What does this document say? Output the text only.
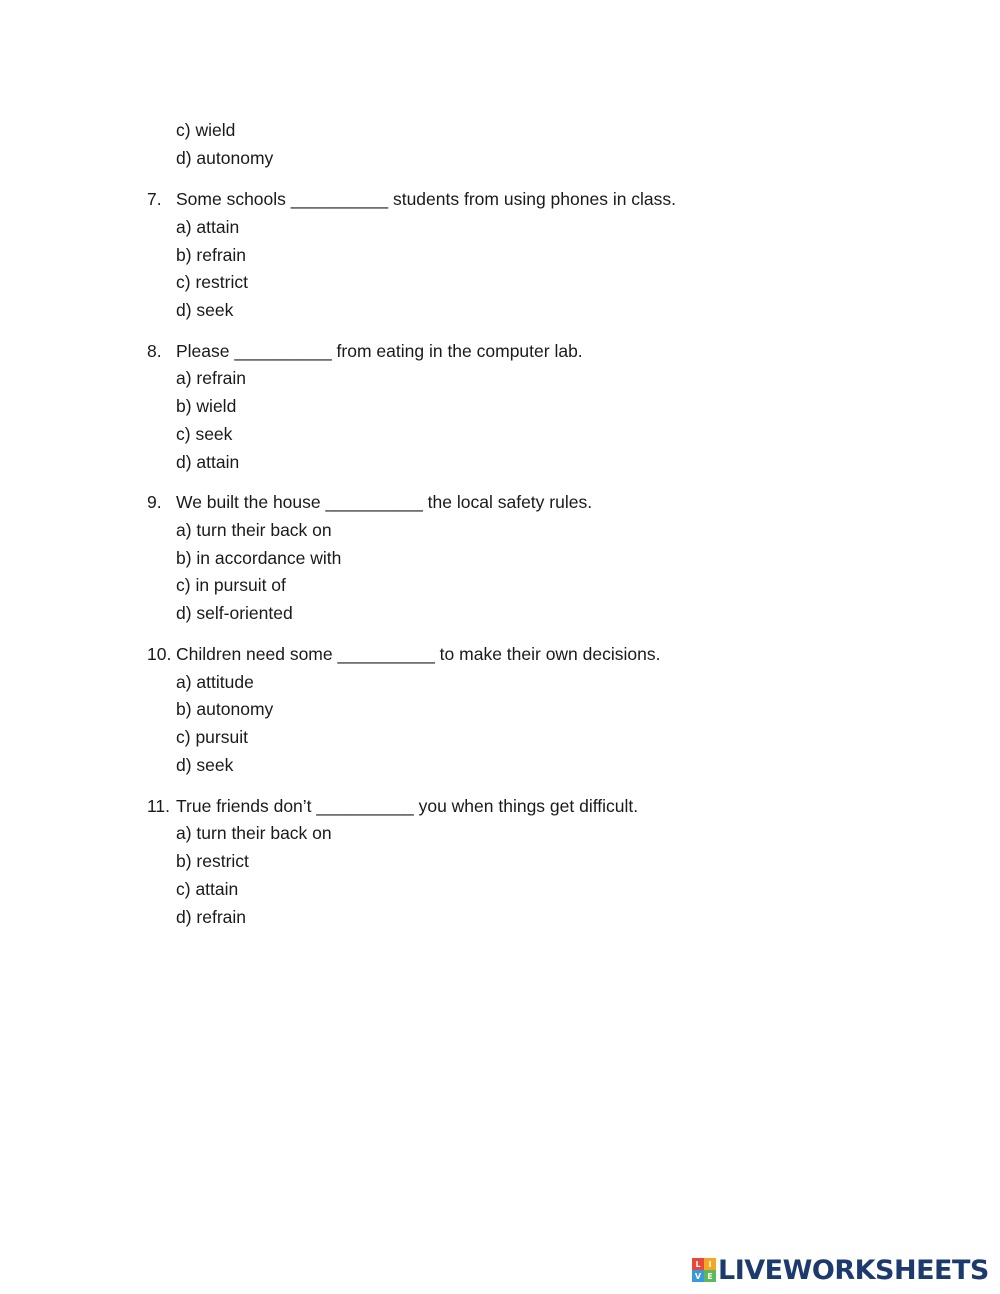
c) wield
d) autonomy
7. Some schools __________ students from using phones in class.
a) attain
b) refrain
c) restrict
d) seek
8. Please __________ from eating in the computer lab.
a) refrain
b) wield
c) seek
d) attain
9. We built the house __________ the local safety rules.
a) turn their back on
b) in accordance with
c) in pursuit of
d) self-oriented
10. Children need some __________ to make their own decisions.
a) attitude
b) autonomy
c) pursuit
d) seek
11. True friends don’t __________ you when things get difficult.
a) turn their back on
b) restrict
c) attain
d) refrain
L I
V E LIVEWORKSHEETS
